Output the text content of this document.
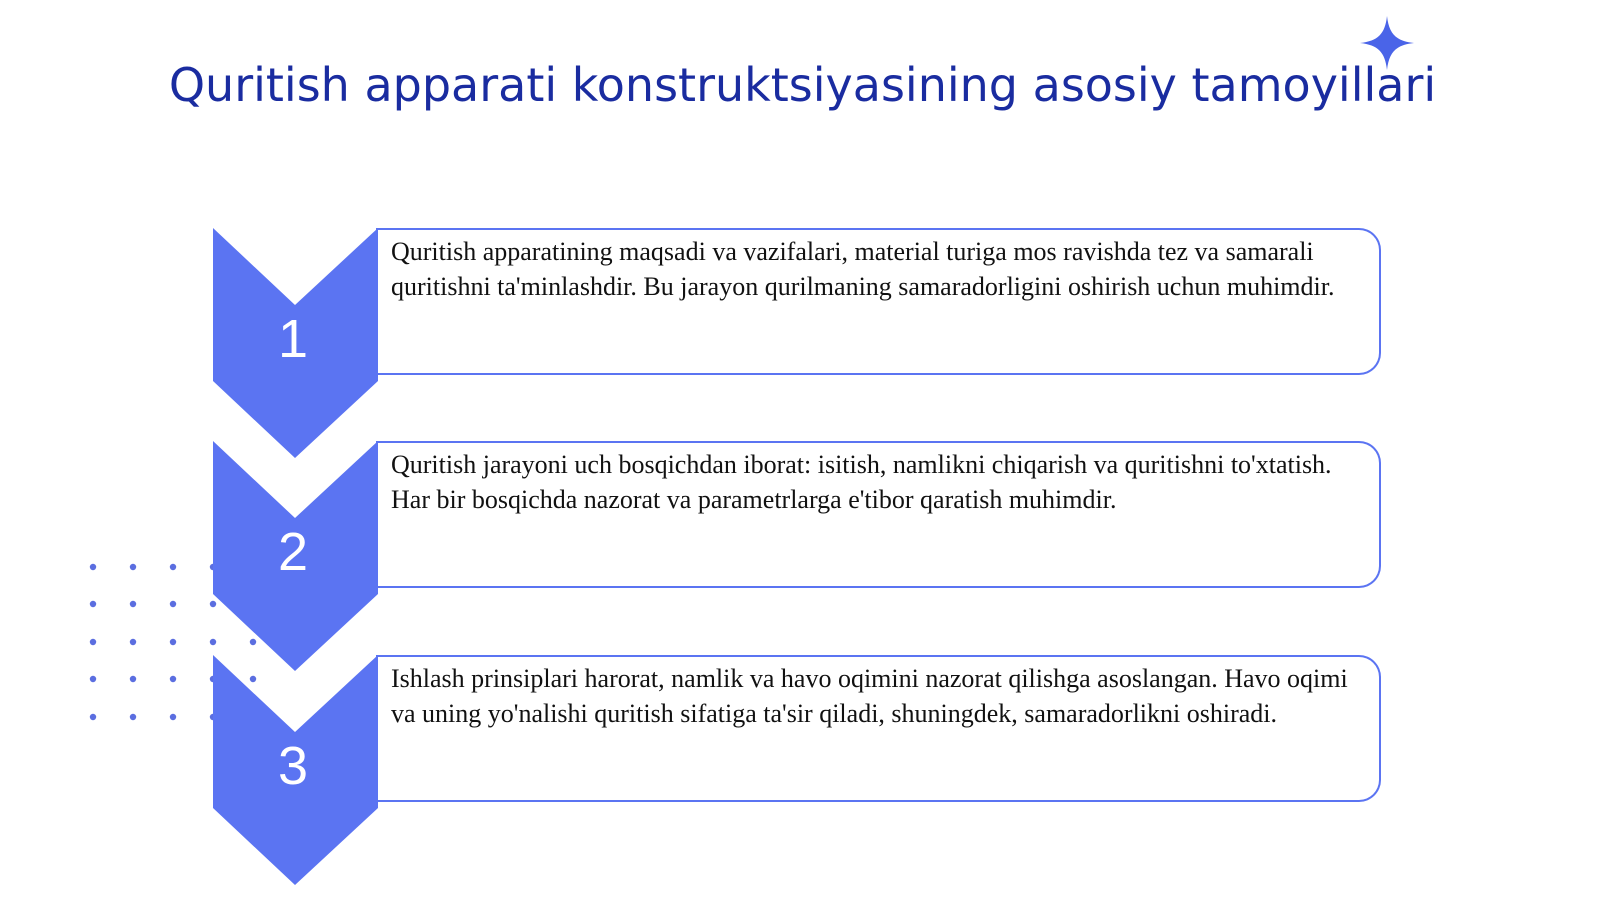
Quritish apparati konstruktsiyasining asosiy tamoyillari
1
Quritish apparatining maqsadi va vazifalari, material turiga mos ravishda tez va samarali quritishni ta'minlashdir. Bu jarayon qurilmaning samaradorligini oshirish uchun muhimdir.
2
Quritish jarayoni uch bosqichdan iborat: isitish, namlikni chiqarish va quritishni to'xtatish. Har bir bosqichda nazorat va parametrlarga e'tibor qaratish muhimdir.
3
Ishlash prinsiplari harorat, namlik va havo oqimini nazorat qilishga asoslangan. Havo oqimi va uning yo'nalishi quritish sifatiga ta'sir qiladi, shuningdek, samaradorlikni oshiradi.
